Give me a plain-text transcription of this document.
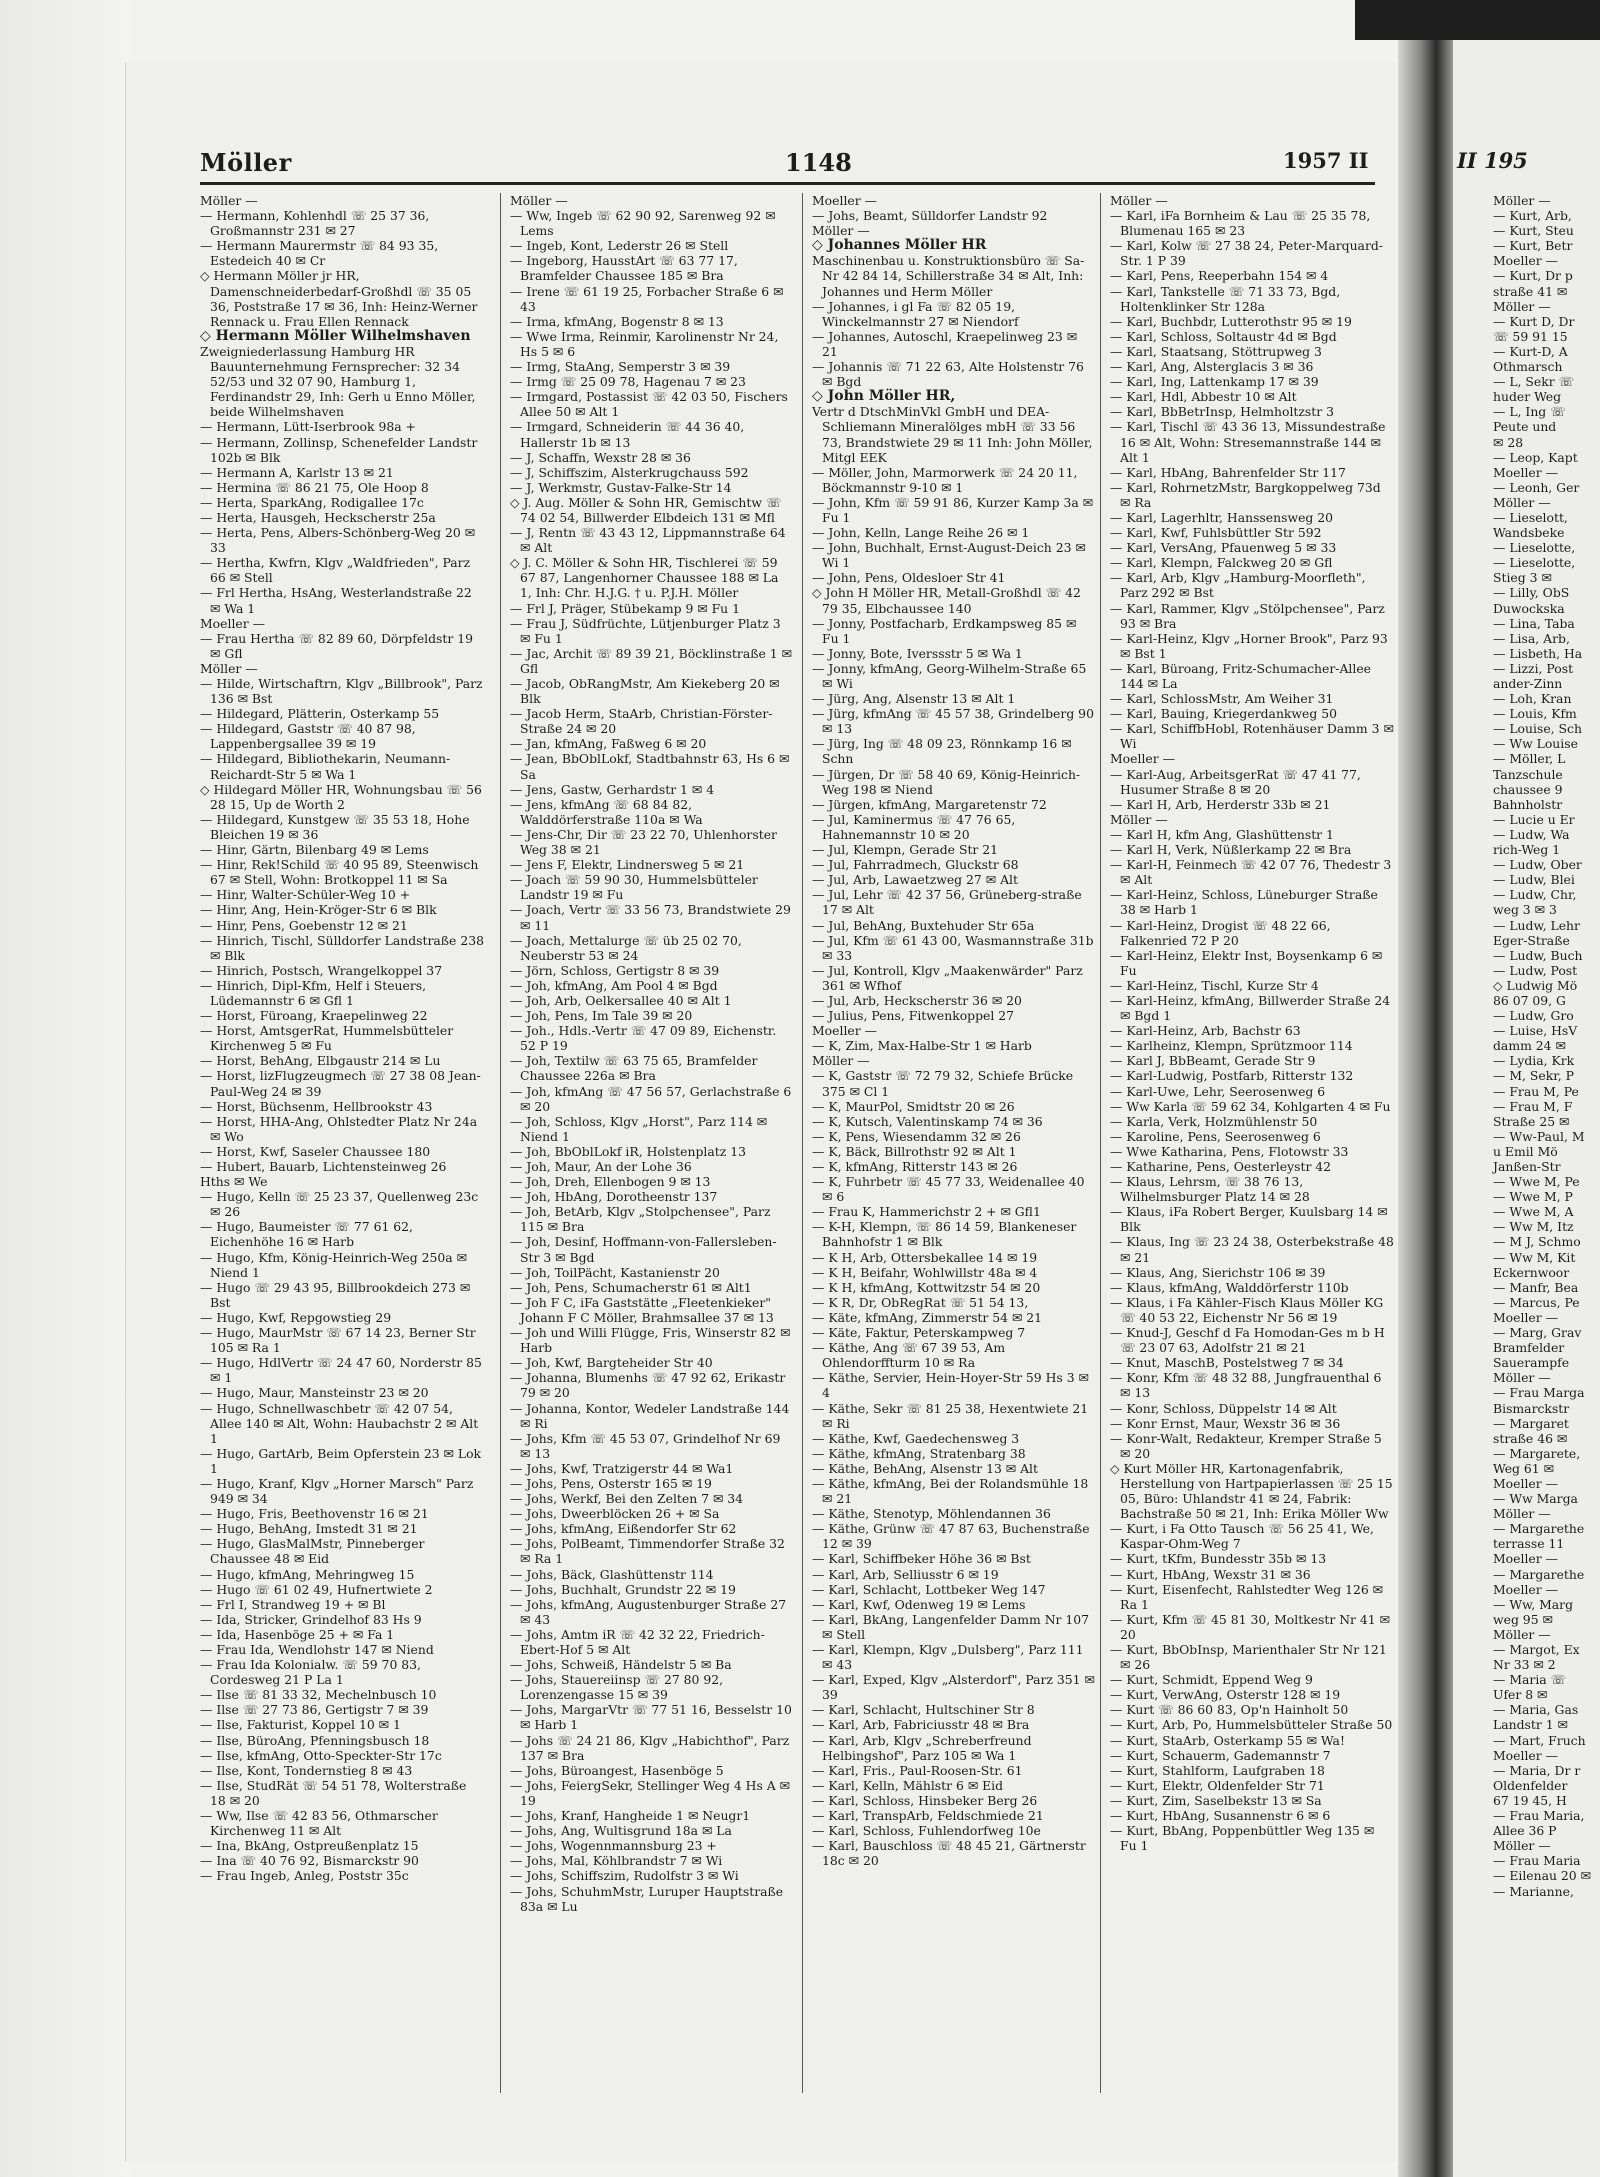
Möller	1148	1957 II	II 195
Möller —
— Hermann, Kohlenhdl ☏ 25 37 36, Großmannstr 231 ✉ 27
— Hermann Maurermstr ☏ 84 93 35, Estedeich 40 ✉ Cr
◇ Hermann Möller jr HR, Damenschneiderbedarf-Großhdl ☏ 35 05 36, Poststraße 17 ✉ 36, Inh: Heinz-Werner Rennack u. Frau Ellen Rennack
◇ Hermann Möller Wilhelmshaven
Zweigniederlassung Hamburg HR Bauunternehmung Fernsprecher: 32 34 52/53 und 32 07 90, Hamburg 1, Ferdinandstr 29, Inh: Gerh u Enno Möller, beide Wilhelmshaven
— Hermann, Lütt-Iserbrook 98a +
— Hermann, Zollinsp, Schenefelder Landstr 102b ✉ Blk
— Hermann A, Karlstr 13 ✉ 21
— Hermina ☏ 86 21 75, Ole Hoop 8
— Herta, SparkAng, Rodigallee 17c
— Herta, Hausgeh, Heckscherstr 25a
— Herta, Pens, Albers-Schönberg-Weg 20 ✉ 33
— Hertha, Kwfrn, Klgv „Waldfrieden", Parz 66 ✉ Stell
— Frl Hertha, HsAng, Westerlandstraße 22 ✉ Wa 1
Moeller —
— Frau Hertha ☏ 82 89 60, Dörpfeldstr 19 ✉ Gfl
Möller —
— Hilde, Wirtschaftrn, Klgv „Billbrook", Parz 136 ✉ Bst
— Hildegard, Plätterin, Osterkamp 55
— Hildegard, Gaststr ☏ 40 87 98, Lappenbergsallee 39 ✉ 19
— Hildegard, Bibliothekarin, Neumann-Reichardt-Str 5 ✉ Wa 1
◇ Hildegard Möller HR, Wohnungsbau ☏ 56 28 15, Up de Worth 2
— Hildegard, Kunstgew ☏ 35 53 18, Hohe Bleichen 19 ✉ 36
— Hinr, Gärtn, Bilenbarg 49 ✉ Lems
— Hinr, Rek!Schild ☏ 40 95 89, Steenwisch 67 ✉ Stell, Wohn: Brotkoppel 11 ✉ Sa
— Hinr, Walter-Schüler-Weg 10 +
— Hinr, Ang, Hein-Kröger-Str 6 ✉ Blk
— Hinr, Pens, Goebenstr 12 ✉ 21
— Hinrich, Tischl, Sülldorfer Landstraße 238 ✉ Blk
— Hinrich, Postsch, Wrangelkoppel 37
— Hinrich, Dipl-Kfm, Helf i Steuers, Lüdemannstr 6 ✉ Gfl 1
— Horst, Füroang, Kraepelinweg 22
— Horst, AmtsgerRat, Hummelsbütteler Kirchenweg 5 ✉ Fu
— Horst, BehAng, Elbgaustr 214 ✉ Lu
— Horst, lizFlugzeugmech ☏ 27 38 08 Jean-Paul-Weg 24 ✉ 39
— Horst, Büchsenm, Hellbrookstr 43
— Horst, HHA-Ang, Ohlstedter Platz Nr 24a ✉ Wo
— Horst, Kwf, Saseler Chaussee 180
— Hubert, Bauarb, Lichtensteinweg 26
Hths ✉ We
— Hugo, Kelln ☏ 25 23 37, Quellenweg 23c ✉ 26
— Hugo, Baumeister ☏ 77 61 62, Eichenhöhe 16 ✉ Harb
— Hugo, Kfm, König-Heinrich-Weg 250a ✉ Niend 1
— Hugo ☏ 29 43 95, Billbrookdeich 273 ✉ Bst
— Hugo, Kwf, Repgowstieg 29
— Hugo, MaurMstr ☏ 67 14 23, Berner Str 105 ✉ Ra 1
— Hugo, HdlVertr ☏ 24 47 60, Norderstr 85 ✉ 1
— Hugo, Maur, Mansteinstr 23 ✉ 20
— Hugo, Schnellwaschbetr ☏ 42 07 54, Allee 140 ✉ Alt, Wohn: Haubachstr 2 ✉ Alt 1
— Hugo, GartArb, Beim Opferstein 23 ✉ Lok 1
— Hugo, Kranf, Klgv „Horner Marsch" Parz 949 ✉ 34
— Hugo, Fris, Beethovenstr 16 ✉ 21
— Hugo, BehAng, Imstedt 31 ✉ 21
— Hugo, GlasMalMstr, Pinneberger Chaussee 48 ✉ Eid
— Hugo, kfmAng, Mehringweg 15
— Hugo ☏ 61 02 49, Hufnertwiete 2
— Frl I, Strandweg 19 + ✉ Bl
— Ida, Stricker, Grindelhof 83 Hs 9
— Ida, Hasenböge 25 + ✉ Fa 1
— Frau Ida, Wendlohstr 147 ✉ Niend
— Frau Ida Kolonialw. ☏ 59 70 83, Cordesweg 21 P La 1
— Ilse ☏ 81 33 32, Mechelnbusch 10
— Ilse ☏ 27 73 86, Gertigstr 7 ✉ 39
— Ilse, Fakturist, Koppel 10 ✉ 1
— Ilse, BüroAng, Pfenningsbusch 18
— Ilse, kfmAng, Otto-Speckter-Str 17c
— Ilse, Kont, Tondernstieg 8 ✉ 43
— Ilse, StudRät ☏ 54 51 78, Wolterstraße 18 ✉ 20
— Ww, Ilse ☏ 42 83 56, Othmarscher Kirchenweg 11 ✉ Alt
— Ina, BkAng, Ostpreußenplatz 15
— Ina ☏ 40 76 92, Bismarckstr 90
— Frau Ingeb, Anleg, Poststr 35c
Möller —
— Ww, Ingeb ☏ 62 90 92, Sarenweg 92 ✉ Lems
— Ingeb, Kont, Lederstr 26 ✉ Stell
— Ingeborg, HausstArt ☏ 63 77 17, Bramfelder Chaussee 185 ✉ Bra
— Irene ☏ 61 19 25, Forbacher Straße 6 ✉ 43
— Irma, kfmAng, Bogenstr 8 ✉ 13
— Wwe Irma, Reinmir, Karolinenstr Nr 24, Hs 5 ✉ 6
— Irmg, StaAng, Semperstr 3 ✉ 39
— Irmg ☏ 25 09 78, Hagenau 7 ✉ 23
— Irmgard, Postassist ☏ 42 03 50, Fischers Allee 50 ✉ Alt 1
— Irmgard, Schneiderin ☏ 44 36 40, Hallerstr 1b ✉ 13
— J, Schaffn, Wexstr 28 ✉ 36
— J, Schiffszim, Alsterkrugchauss 592
— J, Werkmstr, Gustav-Falke-Str 14
◇ J. Aug. Möller & Sohn HR, Gemischtw ☏ 74 02 54, Billwerder Elbdeich 131 ✉ Mfl
— J, Rentn ☏ 43 43 12, Lippmannstraße 64 ✉ Alt
◇ J. C. Möller & Sohn HR, Tischlerei ☏ 59 67 87, Langenhorner Chaussee 188 ✉ La 1, Inh: Chr. H.J.G. † u. P.J.H. Möller
— Frl J, Präger, Stübekamp 9 ✉ Fu 1
— Frau J, Südfrüchte, Lütjenburger Platz 3 ✉ Fu 1
— Jac, Archit ☏ 89 39 21, Böcklinstraße 1 ✉ Gfl
— Jacob, ObRangMstr, Am Kiekeberg 20 ✉ Blk
— Jacob Herm, StaArb, Christian-Förster-Straße 24 ✉ 20
— Jan, kfmAng, Faßweg 6 ✉ 20
— Jean, BbOblLokf, Stadtbahnstr 63, Hs 6 ✉ Sa
— Jens, Gastw, Gerhardstr 1 ✉ 4
— Jens, kfmAng ☏ 68 84 82, Walddörferstraße 110a ✉ Wa
— Jens-Chr, Dir ☏ 23 22 70, Uhlenhorster Weg 38 ✉ 21
— Jens F, Elektr, Lindnersweg 5 ✉ 21
— Joach ☏ 59 90 30, Hummelsbütteler Landstr 19 ✉ Fu
— Joach, Vertr ☏ 33 56 73, Brandstwiete 29 ✉ 11
— Joach, Mettalurge ☏ üb 25 02 70, Neuberstr 53 ✉ 24
— Jörn, Schloss, Gertigstr 8 ✉ 39
— Joh, kfmAng, Am Pool 4 ✉ Bgd
— Joh, Arb, Oelkersallee 40 ✉ Alt 1
— Joh, Pens, Im Tale 39 ✉ 20
— Joh., Hdls.-Vertr ☏ 47 09 89, Eichenstr. 52 P 19
— Joh, Textilw ☏ 63 75 65, Bramfelder Chaussee 226a ✉ Bra
— Joh, kfmAng ☏ 47 56 57, Gerlachstraße 6 ✉ 20
— Joh, Schloss, Klgv „Horst", Parz 114 ✉ Niend 1
— Joh, BbOblLokf iR, Holstenplatz 13
— Joh, Maur, An der Lohe 36
— Joh, Dreh, Ellenbogen 9 ✉ 13
— Joh, HbAng, Dorotheenstr 137
— Joh, BetArb, Klgv „Stolpchensee", Parz 115 ✉ Bra
— Joh, Desinf, Hoffmann-von-Fallersleben-Str 3 ✉ Bgd
— Joh, ToilPächt, Kastanienstr 20
— Joh, Pens, Schumacherstr 61 ✉ Alt1
— Joh F C, iFa Gaststätte „Fleetenkieker" Johann F C Möller, Brahmsallee 37 ✉ 13
— Joh und Willi Flügge, Fris, Winserstr 82 ✉ Harb
— Joh, Kwf, Bargteheider Str 40
— Johanna, Blumenhs ☏ 47 92 62, Erikastr 79 ✉ 20
— Johanna, Kontor, Wedeler Landstraße 144 ✉ Ri
— Johs, Kfm ☏ 45 53 07, Grindelhof Nr 69 ✉ 13
— Johs, Kwf, Tratzigerstr 44 ✉ Wa1
— Johs, Pens, Osterstr 165 ✉ 19
— Johs, Werkf, Bei den Zelten 7 ✉ 34
— Johs, Dweerblöcken 26 + ✉ Sa
— Johs, kfmAng, Eißendorfer Str 62
— Johs, PolBeamt, Timmendorfer Straße 32 ✉ Ra 1
— Johs, Bäck, Glashüttenstr 114
— Johs, Buchhalt, Grundstr 22 ✉ 19
— Johs, kfmAng, Augustenburger Straße 27 ✉ 43
— Johs, Amtm iR ☏ 42 32 22, Friedrich-Ebert-Hof 5 ✉ Alt
— Johs, Schweiß, Händelstr 5 ✉ Ba
— Johs, Stauereiinsp ☏ 27 80 92, Lorenzengasse 15 ✉ 39
— Johs, MargarVtr ☏ 77 51 16, Besselstr 10 ✉ Harb 1
— Johs ☏ 24 21 86, Klgv „Habichthof", Parz 137 ✉ Bra
— Johs, Büroangest, Hasenböge 5
— Johs, FeiergSekr, Stellinger Weg 4 Hs A ✉ 19
— Johs, Kranf, Hangheide 1 ✉ Neugr1
— Johs, Ang, Wultisgrund 18a ✉ La
— Johs, Wogennmannsburg 23 +
— Johs, Mal, Köhlbrandstr 7 ✉ Wi
— Johs, Schiffszim, Rudolfstr 3 ✉ Wi
— Johs, SchuhmMstr, Luruper Hauptstraße 83a ✉ Lu
Moeller —
— Johs, Beamt, Sülldorfer Landstr 92
Möller —
◇ Johannes Möller HR
Maschinenbau u. Konstruktionsbüro ☏ Sa-Nr 42 84 14, Schillerstraße 34 ✉ Alt, Inh: Johannes und Herm Möller
— Johannes, i gl Fa ☏ 82 05 19, Winckelmannstr 27 ✉ Niendorf
— Johannes, Autoschl, Kraepelinweg 23 ✉ 21
— Johannis ☏ 71 22 63, Alte Holstenstr 76 ✉ Bgd
◇ John Möller HR,
Vertr d DtschMinVkl GmbH und DEA-Schliemann Mineralölges mbH ☏ 33 56 73, Brandstwiete 29 ✉ 11 Inh: John Möller, Mitgl EEK
— Möller, John, Marmorwerk ☏ 24 20 11, Böckmannstr 9-10 ✉ 1
— John, Kfm ☏ 59 91 86, Kurzer Kamp 3a ✉ Fu 1
— John, Kelln, Lange Reihe 26 ✉ 1
— John, Buchhalt, Ernst-August-Deich 23 ✉ Wi 1
— John, Pens, Oldesloer Str 41
◇ John H Möller HR, Metall-Großhdl ☏ 42 79 35, Elbchaussee 140
— Jonny, Postfacharb, Erdkampsweg 85 ✉ Fu 1
— Jonny, Bote, Iverssstr 5 ✉ Wa 1
— Jonny, kfmAng, Georg-Wilhelm-Straße 65 ✉ Wi
— Jürg, Ang, Alsenstr 13 ✉ Alt 1
— Jürg, kfmAng ☏ 45 57 38, Grindelberg 90 ✉ 13
— Jürg, Ing ☏ 48 09 23, Rönnkamp 16 ✉ Schn
— Jürgen, Dr ☏ 58 40 69, König-Heinrich-Weg 198 ✉ Niend
— Jürgen, kfmAng, Margaretenstr 72
— Jul, Kaminermus ☏ 47 76 65, Hahnemannstr 10 ✉ 20
— Jul, Klempn, Gerade Str 21
— Jul, Fahrradmech, Gluckstr 68
— Jul, Arb, Lawaetzweg 27 ✉ Alt
— Jul, Lehr ☏ 42 37 56, Grüneberg-straße 17 ✉ Alt
— Jul, BehAng, Buxtehuder Str 65a
— Jul, Kfm ☏ 61 43 00, Wasmannstraße 31b ✉ 33
— Jul, Kontroll, Klgv „Maakenwärder" Parz 361 ✉ Wfhof
— Jul, Arb, Heckscherstr 36 ✉ 20
— Julius, Pens, Fitwenkoppel 27
Moeller —
— K, Zim, Max-Halbe-Str 1 ✉ Harb
Möller —
— K, Gaststr ☏ 72 79 32, Schiefe Brücke 375 ✉ Cl 1
— K, MaurPol, Smidtstr 20 ✉ 26
— K, Kutsch, Valentinskamp 74 ✉ 36
— K, Pens, Wiesendamm 32 ✉ 26
— K, Bäck, Billrothstr 92 ✉ Alt 1
— K, kfmAng, Ritterstr 143 ✉ 26
— K, Fuhrbetr ☏ 45 77 33, Weidenallee 40 ✉ 6
— Frau K, Hammerichstr 2 + ✉ Gfl1
— K-H, Klempn, ☏ 86 14 59, Blankeneser Bahnhofstr 1 ✉ Blk
— K H, Arb, Ottersbekallee 14 ✉ 19
— K H, Beifahr, Wohlwillstr 48a ✉ 4
— K H, kfmAng, Kottwitzstr 54 ✉ 20
— K R, Dr, ObRegRat ☏ 51 54 13,
— Käte, kfmAng, Zimmerstr 54 ✉ 21
— Käte, Faktur, Peterskampweg 7
— Käthe, Ang ☏ 67 39 53, Am Ohlendorffturm 10 ✉ Ra
— Käthe, Servier, Hein-Hoyer-Str 59 Hs 3 ✉ 4
— Käthe, Sekr ☏ 81 25 38, Hexentwiete 21 ✉ Ri
— Käthe, Kwf, Gaedechensweg 3
— Käthe, kfmAng, Stratenbarg 38
— Käthe, BehAng, Alsenstr 13 ✉ Alt
— Käthe, kfmAng, Bei der Rolandsmühle 18 ✉ 21
— Käthe, Stenotyp, Möhlendannen 36
— Käthe, Grünw ☏ 47 87 63, Buchenstraße 12 ✉ 39
— Karl, Schiffbeker Höhe 36 ✉ Bst
— Karl, Arb, Selliusstr 6 ✉ 19
— Karl, Schlacht, Lottbeker Weg 147
— Karl, Kwf, Odenweg 19 ✉ Lems
— Karl, BkAng, Langenfelder Damm Nr 107 ✉ Stell
— Karl, Klempn, Klgv „Dulsberg", Parz 111 ✉ 43
— Karl, Exped, Klgv „Alsterdorf", Parz 351 ✉ 39
— Karl, Schlacht, Hultschiner Str 8
— Karl, Arb, Fabriciusstr 48 ✉ Bra
— Karl, Arb, Klgv „Schreberfreund Helbingshof", Parz 105 ✉ Wa 1
— Karl, Fris., Paul-Roosen-Str. 61
— Karl, Kelln, Mählstr 6 ✉ Eid
— Karl, Schloss, Hinsbeker Berg 26
— Karl, TranspArb, Feldschmiede 21
— Karl, Schloss, Fuhlendorfweg 10e
— Karl, Bauschloss ☏ 48 45 21, Gärtnerstr 18c ✉ 20
Möller —
— Karl, iFa Bornheim & Lau ☏ 25 35 78, Blumenau 165 ✉ 23
— Karl, Kolw ☏ 27 38 24, Peter-Marquard-Str. 1 P 39
— Karl, Pens, Reeperbahn 154 ✉ 4
— Karl, Tankstelle ☏ 71 33 73, Bgd, Holtenklinker Str 128a
— Karl, Buchbdr, Lutterothstr 95 ✉ 19
— Karl, Schloss, Soltaustr 4d ✉ Bgd
— Karl, Staatsang, Stöttrupweg 3
— Karl, Ang, Alsterglacis 3 ✉ 36
— Karl, Ing, Lattenkamp 17 ✉ 39
— Karl, Hdl, Abbestr 10 ✉ Alt
— Karl, BbBetrInsp, Helmholtzstr 3
— Karl, Tischl ☏ 43 36 13, Missundestraße 16 ✉ Alt, Wohn: Stresemannstraße 144 ✉ Alt 1
— Karl, HbAng, Bahrenfelder Str 117
— Karl, RohrnetzMstr, Bargkoppelweg 73d ✉ Ra
— Karl, Lagerhltr, Hanssensweg 20
— Karl, Kwf, Fuhlsbüttler Str 592
— Karl, VersAng, Pfauenweg 5 ✉ 33
— Karl, Klempn, Falckweg 20 ✉ Gfl
— Karl, Arb, Klgv „Hamburg-Moorfleth", Parz 292 ✉ Bst
— Karl, Rammer, Klgv „Stölpchensee", Parz 93 ✉ Bra
— Karl-Heinz, Klgv „Horner Brook", Parz 93 ✉ Bst 1
— Karl, Büroang, Fritz-Schumacher-Allee 144 ✉ La
— Karl, SchlossMstr, Am Weiher 31
— Karl, Bauing, Kriegerdankweg 50
— Karl, SchiffbHobl, Rotenhäuser Damm 3 ✉ Wi
Moeller —
— Karl-Aug, ArbeitsgerRat ☏ 47 41 77, Husumer Straße 8 ✉ 20
— Karl H, Arb, Herderstr 33b ✉ 21
Möller —
— Karl H, kfm Ang, Glashüttenstr 1
— Karl H, Verk, Nüßlerkamp 22 ✉ Bra
— Karl-H, Feinmech ☏ 42 07 76, Thedestr 3 ✉ Alt
— Karl-Heinz, Schloss, Lüneburger Straße 38 ✉ Harb 1
— Karl-Heinz, Drogist ☏ 48 22 66, Falkenried 72 P 20
— Karl-Heinz, Elektr Inst, Boysenkamp 6 ✉ Fu
— Karl-Heinz, Tischl, Kurze Str 4
— Karl-Heinz, kfmAng, Billwerder Straße 24 ✉ Bgd 1
— Karl-Heinz, Arb, Bachstr 63
— Karlheinz, Klempn, Sprützmoor 114
— Karl J, BbBeamt, Gerade Str 9
— Karl-Ludwig, Postfarb, Ritterstr 132
— Karl-Uwe, Lehr, Seerosenweg 6
— Ww Karla ☏ 59 62 34, Kohlgarten 4 ✉ Fu
— Karla, Verk, Holzmühlenstr 50
— Karoline, Pens, Seerosenweg 6
— Wwe Katharina, Pens, Flotowstr 33
— Katharine, Pens, Oesterleystr 42
— Klaus, Lehrsm, ☏ 38 76 13, Wilhelmsburger Platz 14 ✉ 28
— Klaus, iFa Robert Berger, Kuulsbarg 14 ✉ Blk
— Klaus, Ing ☏ 23 24 38, Osterbekstraße 48 ✉ 21
— Klaus, Ang, Sierichstr 106 ✉ 39
— Klaus, kfmAng, Walddörferstr 110b
— Klaus, i Fa Kähler-Fisch Klaus Möller KG ☏ 40 53 22, Eichenstr Nr 56 ✉ 19
— Knud-J, Geschf d Fa Homodan-Ges m b H ☏ 23 07 63, Adolfstr 21 ✉ 21
— Knut, MaschB, Postelstweg 7 ✉ 34
— Konr, Kfm ☏ 48 32 88, Jungfrauenthal 6 ✉ 13
— Konr, Schloss, Düppelstr 14 ✉ Alt
— Konr Ernst, Maur, Wexstr 36 ✉ 36
— Konr-Walt, Redakteur, Kremper Straße 5 ✉ 20
◇ Kurt Möller HR, Kartonagenfabrik, Herstellung von Hartpapierlassen ☏ 25 15 05, Büro: Uhlandstr 41 ✉ 24, Fabrik: Bachstraße 50 ✉ 21, Inh: Erika Möller Ww
— Kurt, i Fa Otto Tausch ☏ 56 25 41, We, Kaspar-Ohm-Weg 7
— Kurt, tKfm, Bundesstr 35b ✉ 13
— Kurt, HbAng, Wexstr 31 ✉ 36
— Kurt, Eisenfecht, Rahlstedter Weg 126 ✉ Ra 1
— Kurt, Kfm ☏ 45 81 30, Moltkestr Nr 41 ✉ 20
— Kurt, BbObInsp, Marienthaler Str Nr 121 ✉ 26
— Kurt, Schmidt, Eppend Weg 9
— Kurt, VerwAng, Osterstr 128 ✉ 19
— Kurt ☏ 86 60 83, Op'n Hainholt 50
— Kurt, Arb, Po, Hummelsbütteler Straße 50
— Kurt, StaArb, Osterkamp 55 ✉ Wa!
— Kurt, Schauerm, Gademannstr 7
— Kurt, Stahlform, Laufgraben 18
— Kurt, Elektr, Oldenfelder Str 71
— Kurt, Zim, Saselbekstr 13 ✉ Sa
— Kurt, HbAng, Susannenstr 6 ✉ 6
— Kurt, BbAng, Poppenbüttler Weg 135 ✉ Fu 1
Möller —
— Kurt, Arb,
— Kurt, Steu
— Kurt, Betr
Moeller —
— Kurt, Dr p
straße 41 ✉
Möller —
— Kurt D, Dr
☏ 59 91 15
— Kurt-D, A
Othmarsch
— L, Sekr ☏
huder Weg
— L, Ing ☏
Peute und
✉ 28
— Leop, Kapt
Moeller —
— Leonh, Ger
Möller —
— Lieselott,
Wandsbeke
— Lieselotte,
— Lieselotte,
Stieg 3 ✉
— Lilly, ObS
Duwockska
— Lina, Taba
— Lisa, Arb,
— Lisbeth, Ha
— Lizzi, Post
ander-Zinn
— Loh, Kran
— Louis, Kfm
— Louise, Sch
— Ww Louise
— Möller, L
Tanzschule
chaussee 9
Bahnholstr
— Lucie u Er
— Ludw, Wa
rich-Weg 1
— Ludw, Ober
— Ludw, Blei
— Ludw, Chr,
weg 3 ✉ 3
— Ludw, Lehr
Eger-Straße
— Ludw, Buch
— Ludw, Post
◇ Ludwig Mö
86 07 09, G
— Ludw, Gro
— Luise, HsV
damm 24 ✉
— Lydia, Krk
— M, Sekr, P
— Frau M, Pe
— Frau M, F
Straße 25 ✉
— Ww-Paul, M
u Emil Mö
Janßen-Str
— Wwe M, Pe
— Wwe M, P
— Wwe M, A
— Ww M, Itz
— M J, Schmo
— Ww M, Kit
Eckernwoor
— Manfr, Bea
— Marcus, Pe
Moeller —
— Marg, Grav
Bramfelder
Sauerampfe
Möller —
— Frau Marga
Bismarckstr
— Margaret
straße 46 ✉
— Margarete,
Weg 61 ✉
Moeller —
— Ww Marga
Möller —
— Margarethe
terrasse 11
Moeller —
— Margarethe
Moeller —
— Ww, Marg
weg 95 ✉
Möller —
— Margot, Ex
Nr 33 ✉ 2
— Maria ☏
Ufer 8 ✉
— Maria, Gas
Landstr 1 ✉
— Mart, Fruch
Moeller —
— Maria, Dr r
Oldenfelder
67 19 45, H
— Frau Maria,
Allee 36 P
Möller —
— Frau Maria
— Eilenau 20 ✉
— Marianne,
